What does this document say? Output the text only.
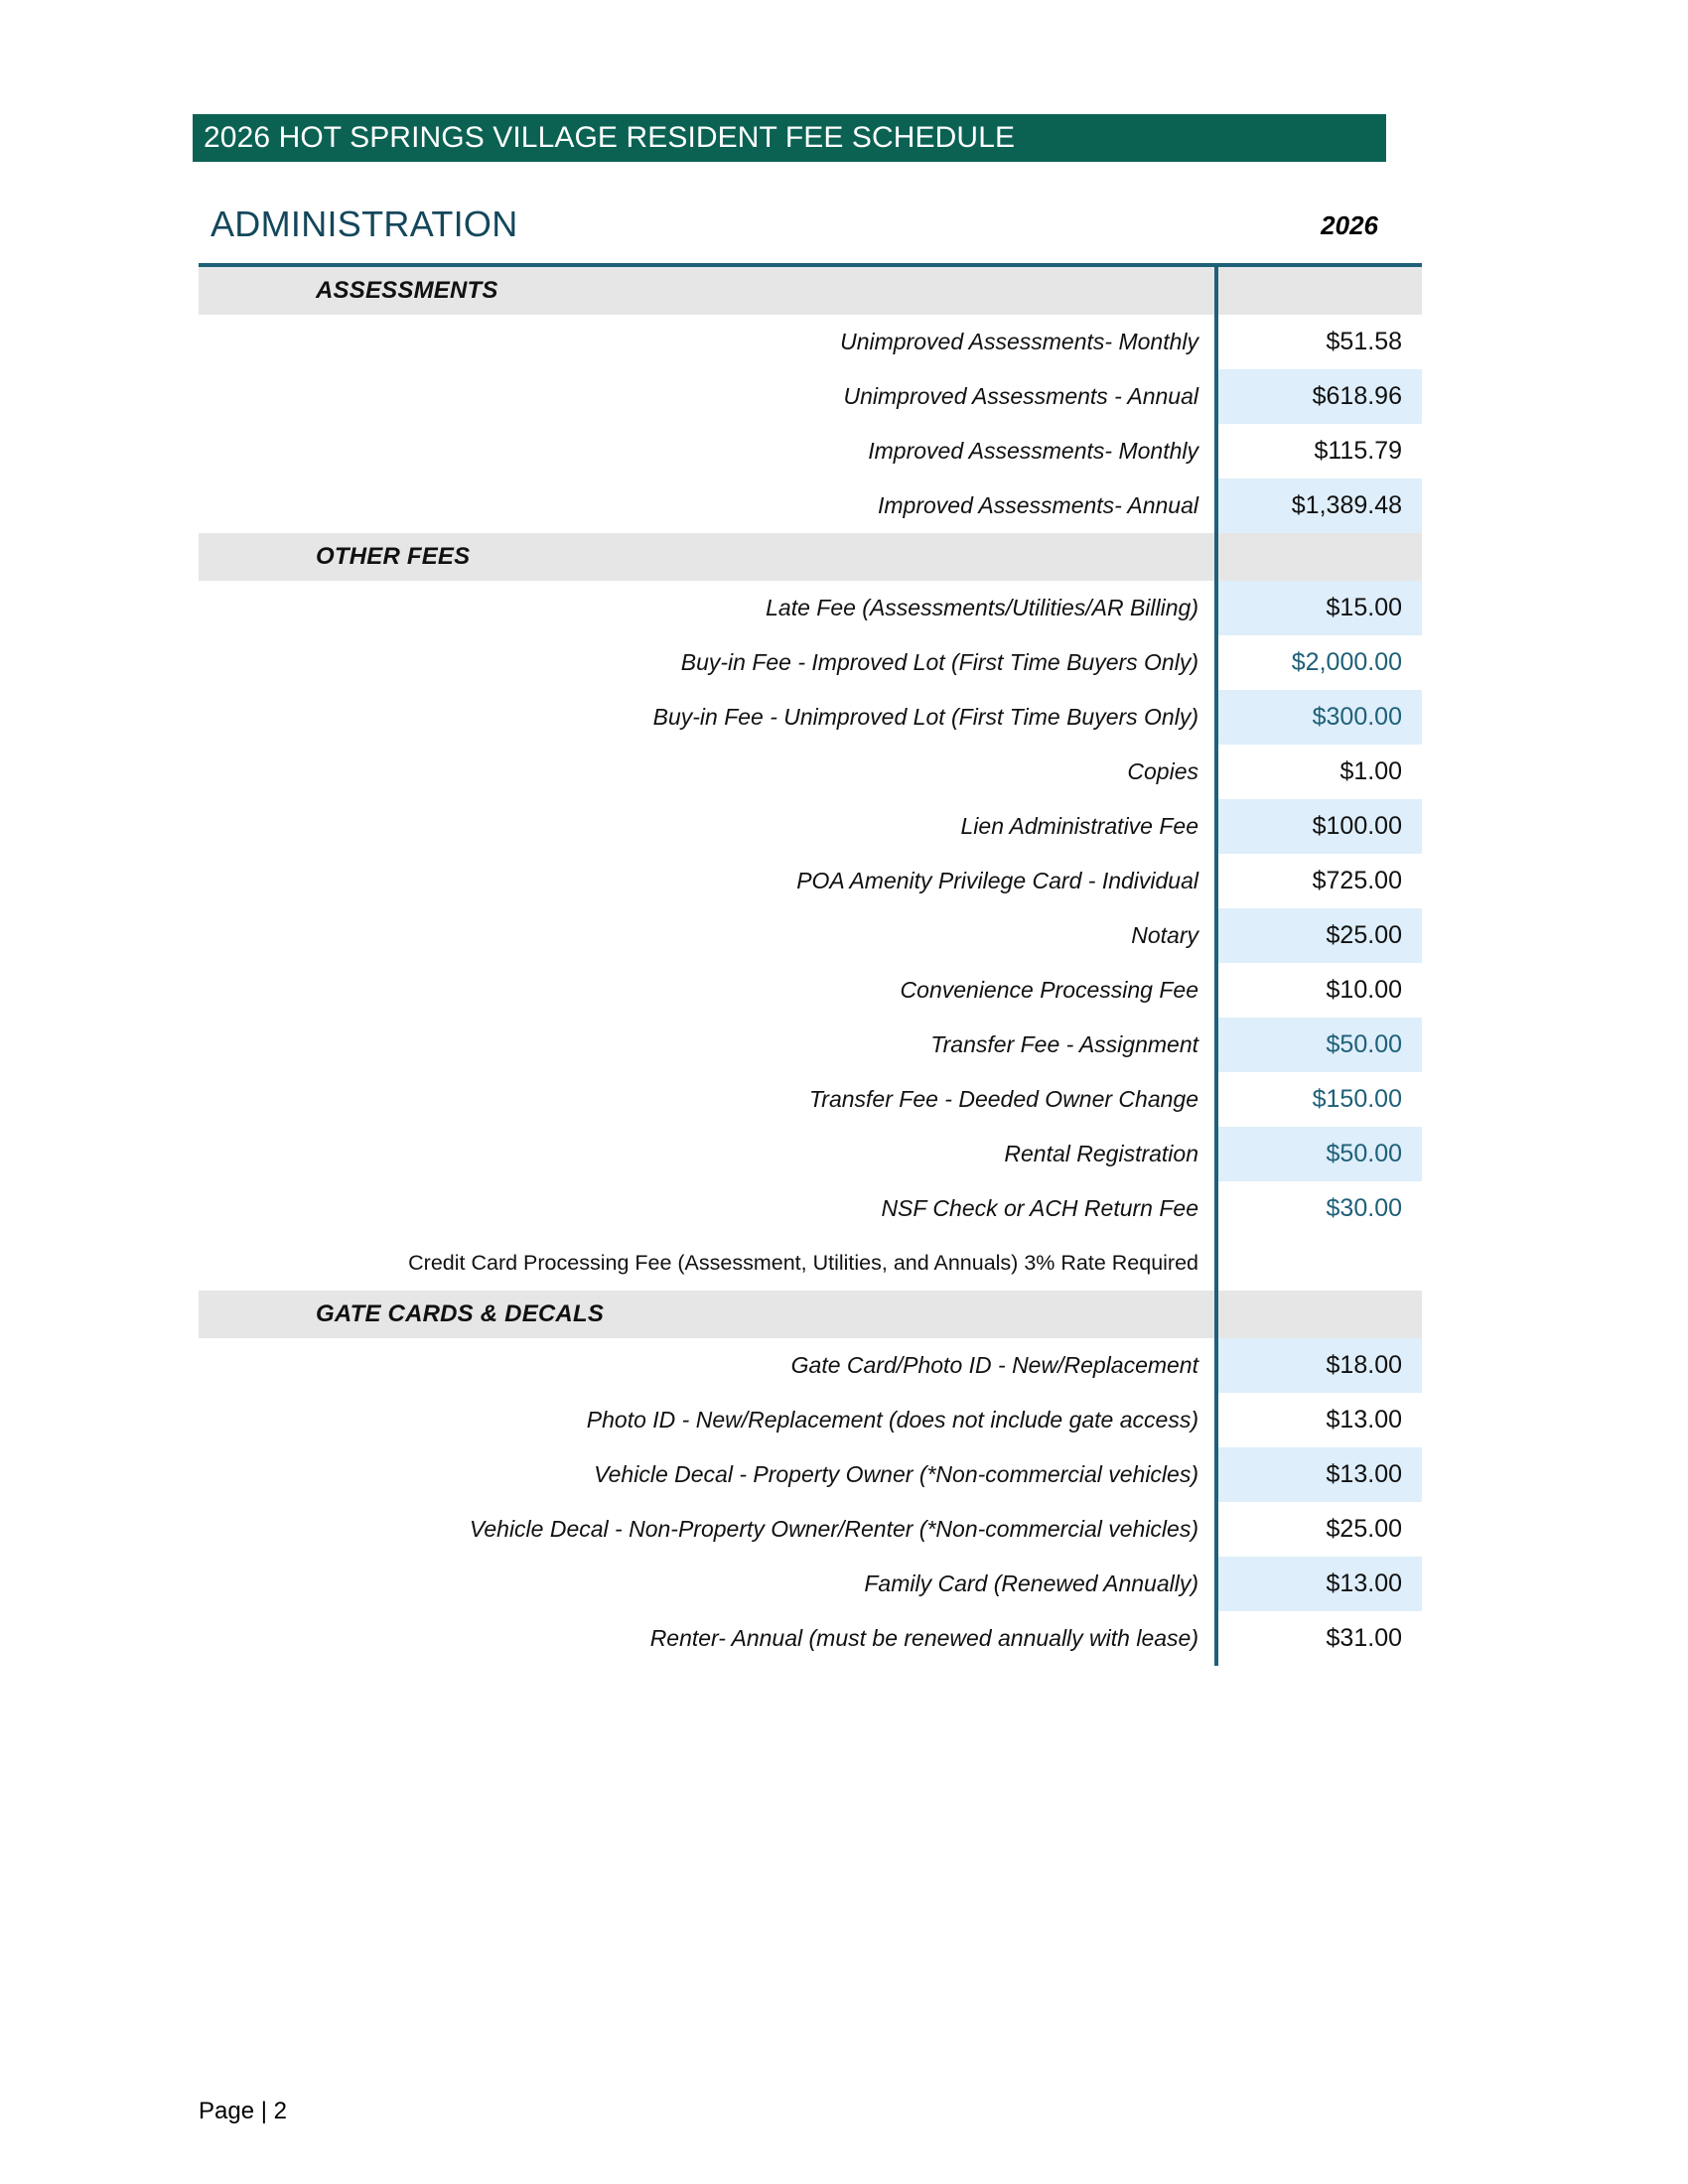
2026 HOT SPRINGS VILLAGE RESIDENT FEE SCHEDULE
ADMINISTRATION	2026
ASSESSMENTS	
Unimproved Assessments- Monthly	$51.58
Unimproved Assessments - Annual	$618.96
Improved Assessments- Monthly	$115.79
Improved Assessments- Annual	$1,389.48
OTHER FEES	
Late Fee (Assessments/Utilities/AR Billing)	$15.00
Buy-in Fee - Improved Lot (First Time Buyers Only)	$2,000.00
Buy-in Fee - Unimproved Lot (First Time Buyers Only)	$300.00
Copies	$1.00
Lien Administrative Fee	$100.00
POA Amenity Privilege Card - Individual	$725.00
Notary	$25.00
Convenience Processing Fee	$10.00
Transfer Fee - Assignment	$50.00
Transfer Fee - Deeded Owner Change	$150.00
Rental Registration	$50.00
NSF Check or ACH Return Fee	$30.00
Credit Card Processing Fee (Assessment, Utilities, and Annuals) 3% Rate Required	
GATE CARDS & DECALS	
Gate Card/Photo ID - New/Replacement	$18.00
Photo ID - New/Replacement (does not include gate access)	$13.00
Vehicle Decal - Property Owner (*Non-commercial vehicles)	$13.00
Vehicle Decal - Non-Property Owner/Renter (*Non-commercial vehicles)	$25.00
Family Card (Renewed Annually)	$13.00
Renter- Annual (must be renewed annually with lease)	$31.00
Page | 2
